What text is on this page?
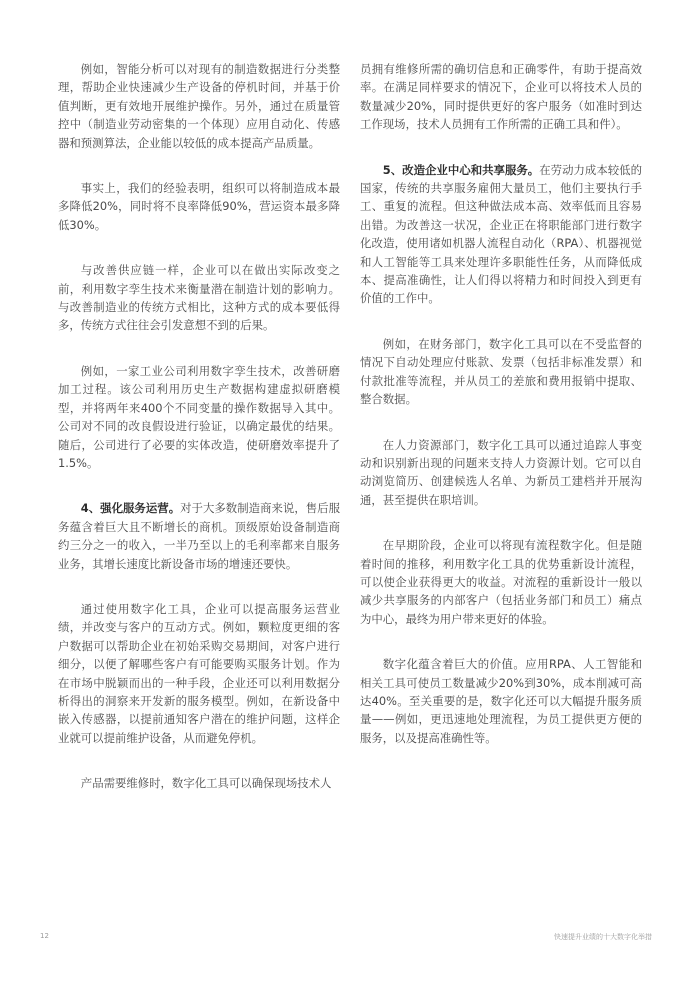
例如，智能分析可以对现有的制造数据进行分类整理，帮助企业快速减少生产设备的停机时间，并基于价值判断，更有效地开展维护操作。另外，通过在质量管控中（制造业劳动密集的一个体现）应用自动化、传感器和预测算法，企业能以较低的成本提高产品质量。

事实上，我们的经验表明，组织可以将制造成本最多降低20%，同时将不良率降低90%，营运资本最多降低30%。

与改善供应链一样，企业可以在做出实际改变之前，利用数字孪生技术来衡量潜在制造计划的影响力。与改善制造业的传统方式相比，这种方式的成本要低得多，传统方式往往会引发意想不到的后果。

例如，一家工业公司利用数字孪生技术，改善研磨加工过程。该公司利用历史生产数据构建虚拟研磨模型，并将两年来400个不同变量的操作数据导入其中。公司对不同的改良假设进行验证，以确定最优的结果。随后，公司进行了必要的实体改造，使研磨效率提升了1.5%。

4、强化服务运营。对于大多数制造商来说，售后服务蕴含着巨大且不断增长的商机。顶级原始设备制造商约三分之一的收入，一半乃至以上的毛利率都来自服务业务，其增长速度比新设备市场的增速还要快。

通过使用数字化工具，企业可以提高服务运营业绩，并改变与客户的互动方式。例如，颗粒度更细的客户数据可以帮助企业在初始采购交易期间，对客户进行细分，以便了解哪些客户有可能要购买服务计划。作为在市场中脱颖而出的一种手段，企业还可以利用数据分析得出的洞察来开发新的服务模型。例如，在新设备中嵌入传感器，以提前通知客户潜在的维护问题，这样企业就可以提前维护设备，从而避免停机。

产品需要维修时，数字化工具可以确保现场技术人

员拥有维修所需的确切信息和正确零件，有助于提高效率。在满足同样要求的情况下，企业可以将技术人员的数量减少20%，同时提供更好的客户服务（如准时到达工作现场，技术人员拥有工作所需的正确工具和件）。

5、改造企业中心和共享服务。在劳动力成本较低的国家，传统的共享服务雇佣大量员工，他们主要执行手工、重复的流程。但这种做法成本高、效率低而且容易出错。为改善这一状况，企业正在将职能部门进行数字化改造，使用诸如机器人流程自动化（RPA）、机器视觉和人工智能等工具来处理许多职能性任务，从而降低成本、提高准确性，让人们得以将精力和时间投入到更有价值的工作中。

例如，在财务部门，数字化工具可以在不受监督的情况下自动处理应付账款、发票（包括非标准发票）和付款批准等流程，并从员工的差旅和费用报销中提取、整合数据。

在人力资源部门，数字化工具可以通过追踪人事变动和识别新出现的问题来支持人力资源计划。它可以自动浏览简历、创建候选人名单、为新员工建档并开展沟通，甚至提供在职培训。

在早期阶段，企业可以将现有流程数字化。但是随着时间的推移，利用数字化工具的优势重新设计流程，可以使企业获得更大的收益。对流程的重新设计一般以减少共享服务的内部客户（包括业务部门和员工）痛点为中心，最终为用户带来更好的体验。

数字化蕴含着巨大的价值。应用RPA、人工智能和相关工具可使员工数量减少20%到30%，成本削减可高达40%。至关重要的是，数字化还可以大幅提升服务质量——例如，更迅速地处理流程，为员工提供更方便的服务，以及提高准确性等。

12	快速提升业绩的十大数字化举措
